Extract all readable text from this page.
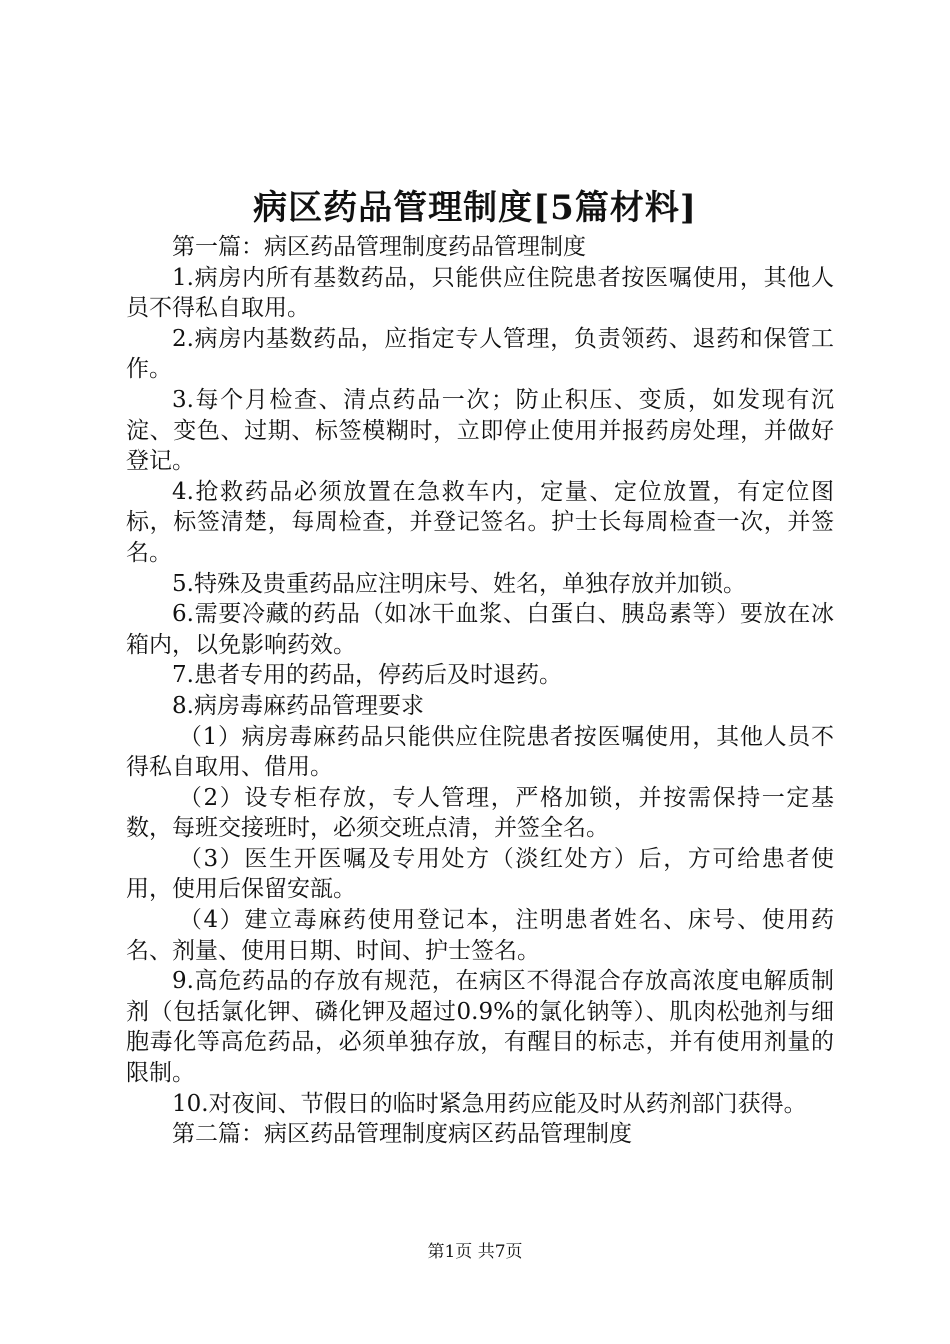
病区药品管理制度[5篇材料]

第一篇：病区药品管理制度药品管理制度

1.病房内所有基数药品，只能供应住院患者按医嘱使用，其他人员不得私自取用。

2.病房内基数药品，应指定专人管理，负责领药、退药和保管工作。

3.每个月检查、清点药品一次；防止积压、变质，如发现有沉淀、变色、过期、标签模糊时，立即停止使用并报药房处理，并做好登记。

4.抢救药品必须放置在急救车内，定量、定位放置，有定位图标，标签清楚，每周检查，并登记签名。护士长每周检查一次，并签名。

5.特殊及贵重药品应注明床号、姓名，单独存放并加锁。

6.需要冷藏的药品（如冰干血浆、白蛋白、胰岛素等）要放在冰箱内，以免影响药效。

7.患者专用的药品，停药后及时退药。

8.病房毒麻药品管理要求

（1）病房毒麻药品只能供应住院患者按医嘱使用，其他人员不得私自取用、借用。

（2）设专柜存放，专人管理，严格加锁，并按需保持一定基数，每班交接班时，必须交班点清，并签全名。

（3）医生开医嘱及专用处方（淡红处方）后，方可给患者使用，使用后保留安瓿。

（4）建立毒麻药使用登记本，注明患者姓名、床号、使用药名、剂量、使用日期、时间、护士签名。

9.高危药品的存放有规范，在病区不得混合存放高浓度电解质制剂（包括氯化钾、磷化钾及超过0.9%的氯化钠等）、肌肉松弛剂与细胞毒化等高危药品，必须单独存放，有醒目的标志，并有使用剂量的限制。

10.对夜间、节假日的临时紧急用药应能及时从药剂部门获得。

第二篇：病区药品管理制度病区药品管理制度

第1页 共7页
